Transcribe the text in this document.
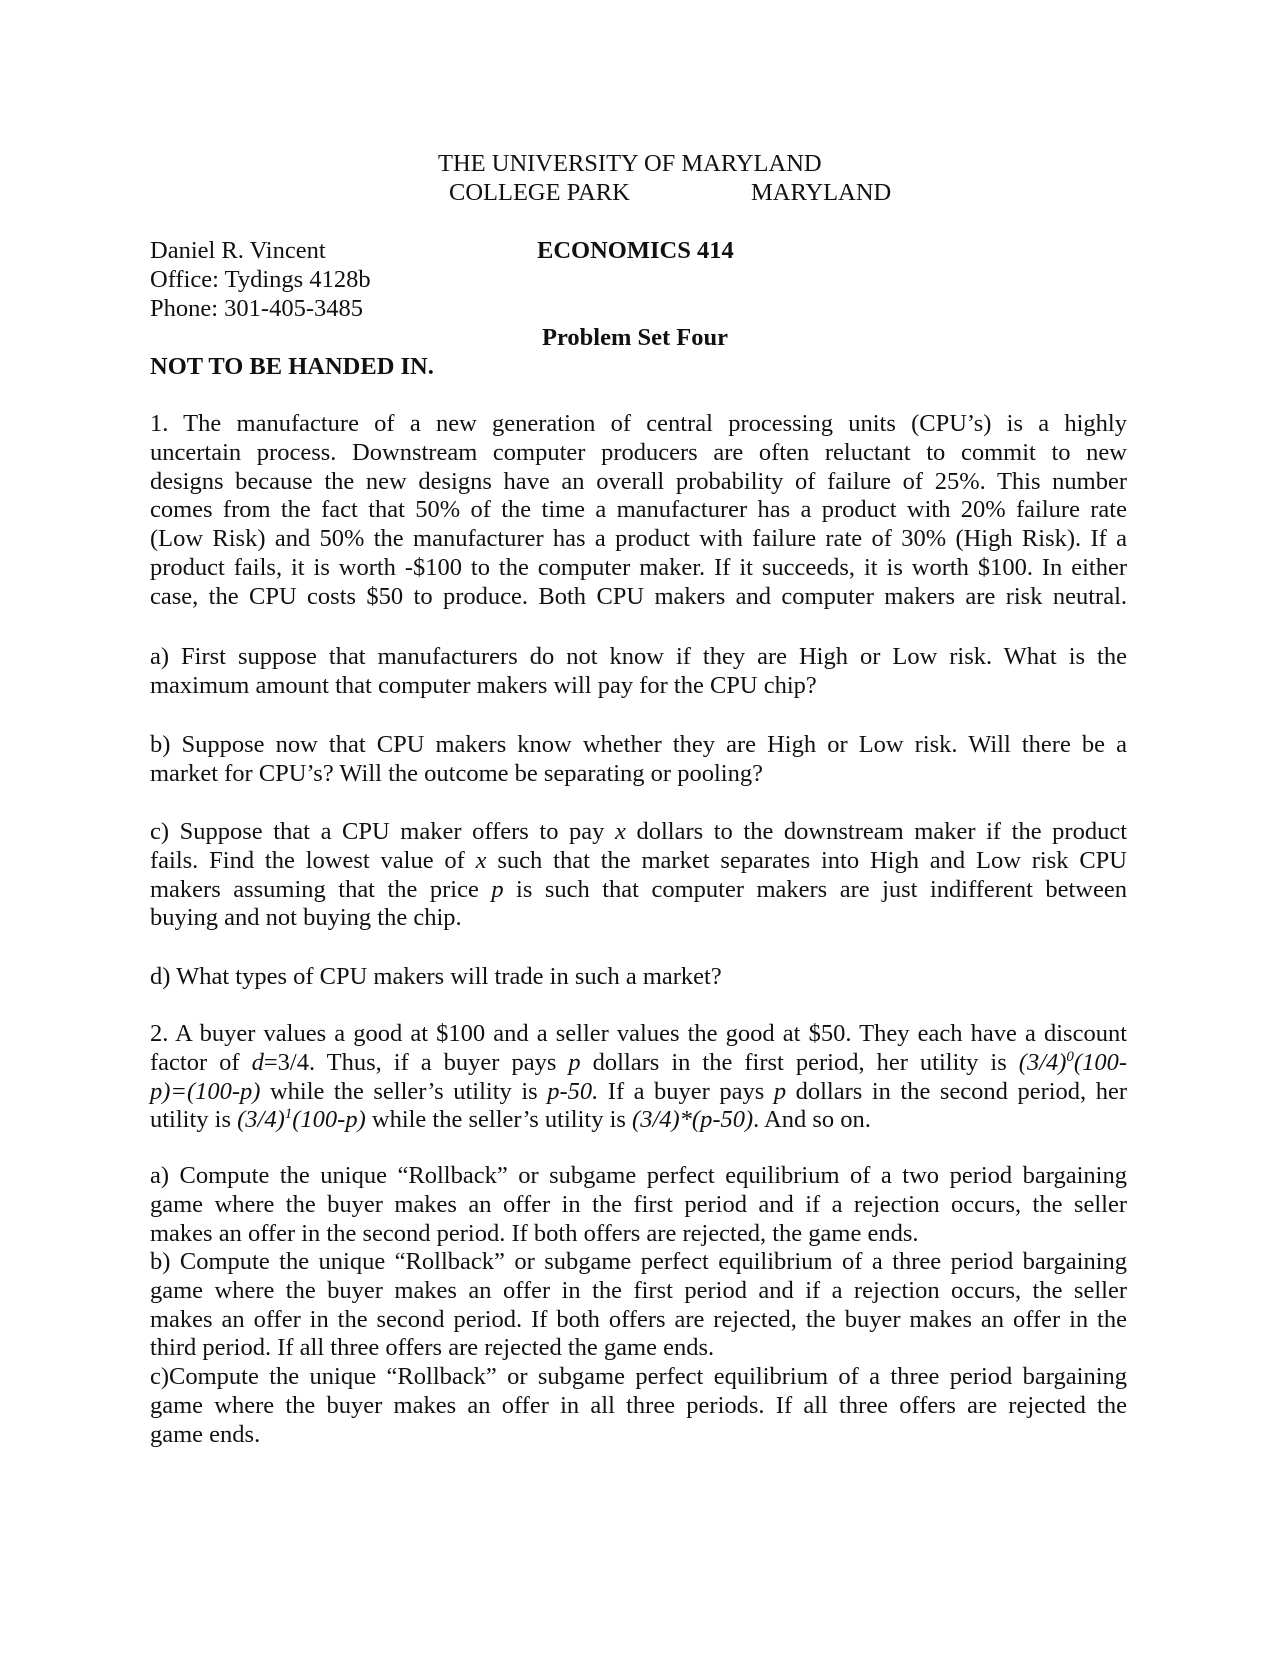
THE UNIVERSITY OF MARYLAND
COLLEGE PARK	MARYLAND
Daniel R. Vincent
Office: Tydings 4128b
Phone: 301-405-3485
ECONOMICS 414
Problem Set Four
NOT TO BE HANDED IN.
1. The manufacture of a new generation of central processing units (CPU’s) is a highly
uncertain process. Downstream computer producers are often reluctant to commit to new
designs because the new designs have an overall probability of failure of 25%. This number
comes from the fact that 50% of the time a manufacturer has a product with 20% failure rate
(Low Risk) and 50% the manufacturer has a product with failure rate of 30% (High Risk). If a
product fails, it is worth -$100 to the computer maker. If it succeeds, it is worth $100. In either
case, the CPU costs $50 to produce. Both CPU makers and computer makers are risk neutral.
a) First suppose that manufacturers do not know if they are High or Low risk. What is the
maximum amount that computer makers will pay for the CPU chip?
b) Suppose now that CPU makers know whether they are High or Low risk. Will there be a
market for CPU’s? Will the outcome be separating or pooling?
c) Suppose that a CPU maker offers to pay x dollars to the downstream maker if the product
fails. Find the lowest value of x such that the market separates into High and Low risk CPU
makers assuming that the price p is such that computer makers are just indifferent between
buying and not buying the chip.
d) What types of CPU makers will trade in such a market?
2. A buyer values a good at $100 and a seller values the good at $50. They each have a discount
factor of d=3/4. Thus, if a buyer pays p dollars in the first period, her utility is $(3/4)^0(100-$
p)=(100-p) while the seller’s utility is p-50. If a buyer pays p dollars in the second period, her
utility is $(3/4)^1(100-p)$ while the seller’s utility is (3/4)*(p-50). And so on.
a) Compute the unique “Rollback” or subgame perfect equilibrium of a two period bargaining
game where the buyer makes an offer in the first period and if a rejection occurs, the seller
makes an offer in the second period. If both offers are rejected, the game ends.
b) Compute the unique “Rollback” or subgame perfect equilibrium of a three period bargaining
game where the buyer makes an offer in the first period and if a rejection occurs, the seller
makes an offer in the second period. If both offers are rejected, the buyer makes an offer in the
third period. If all three offers are rejected the game ends.
c)Compute the unique “Rollback” or subgame perfect equilibrium of a three period bargaining
game where the buyer makes an offer in all three periods. If all three offers are rejected the
game ends.
